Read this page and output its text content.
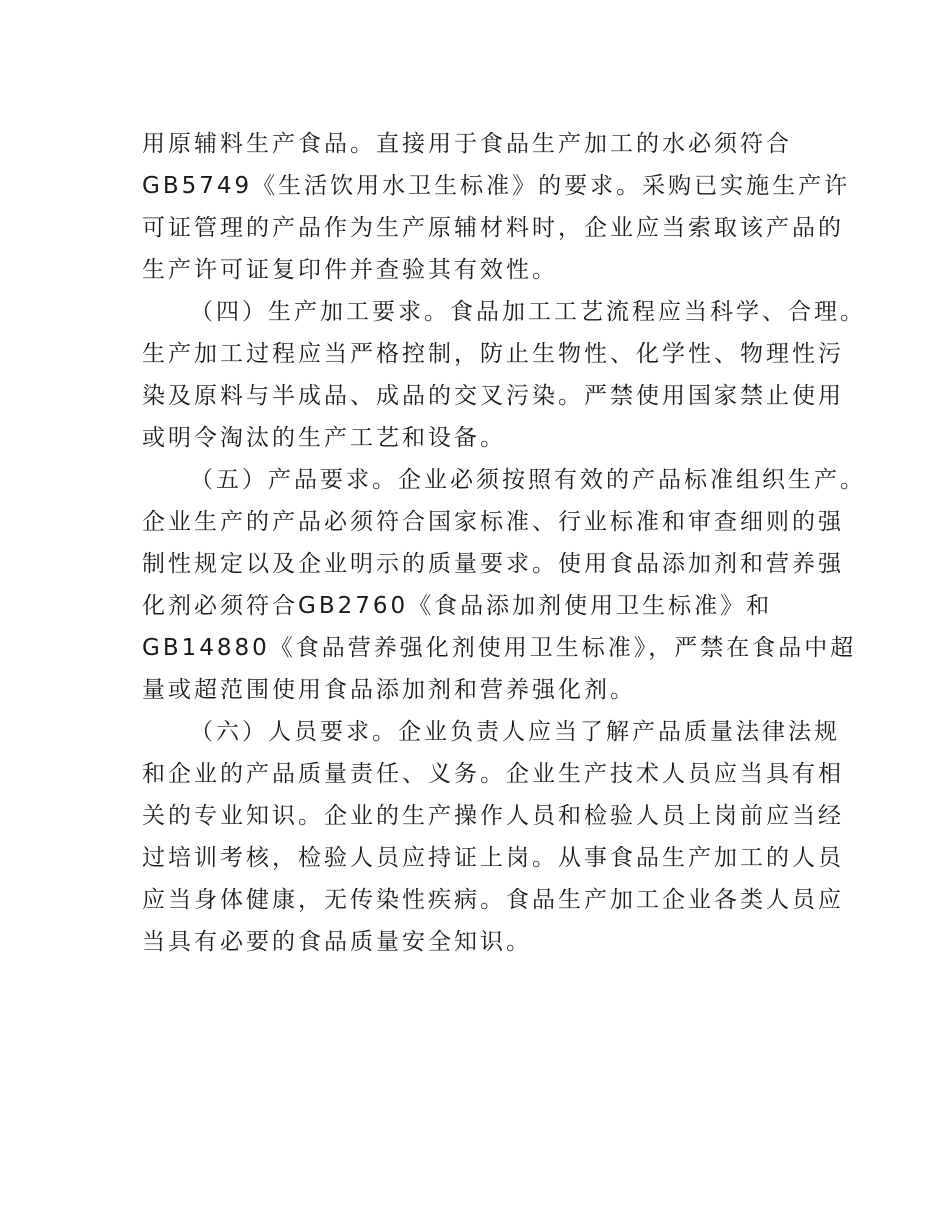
用原辅料生产食品。直接用于食品生产加工的水必须符合
GB5749《生活饮用水卫生标准》的要求。采购已实施生产许
可证管理的产品作为生产原辅材料时，企业应当索取该产品的
生产许可证复印件并查验其有效性。
（四）生产加工要求。食品加工工艺流程应当科学、合理。
生产加工过程应当严格控制，防止生物性、化学性、物理性污
染及原料与半成品、成品的交叉污染。严禁使用国家禁止使用
或明令淘汰的生产工艺和设备。
（五）产品要求。企业必须按照有效的产品标准组织生产。
企业生产的产品必须符合国家标准、行业标准和审查细则的强
制性规定以及企业明示的质量要求。使用食品添加剂和营养强
化剂必须符合GB2760《食品添加剂使用卫生标准》和
GB14880《食品营养强化剂使用卫生标准》，严禁在食品中超
量或超范围使用食品添加剂和营养强化剂。
（六）人员要求。企业负责人应当了解产品质量法律法规
和企业的产品质量责任、义务。企业生产技术人员应当具有相
关的专业知识。企业的生产操作人员和检验人员上岗前应当经
过培训考核，检验人员应持证上岗。从事食品生产加工的人员
应当身体健康，无传染性疾病。食品生产加工企业各类人员应
当具有必要的食品质量安全知识。
